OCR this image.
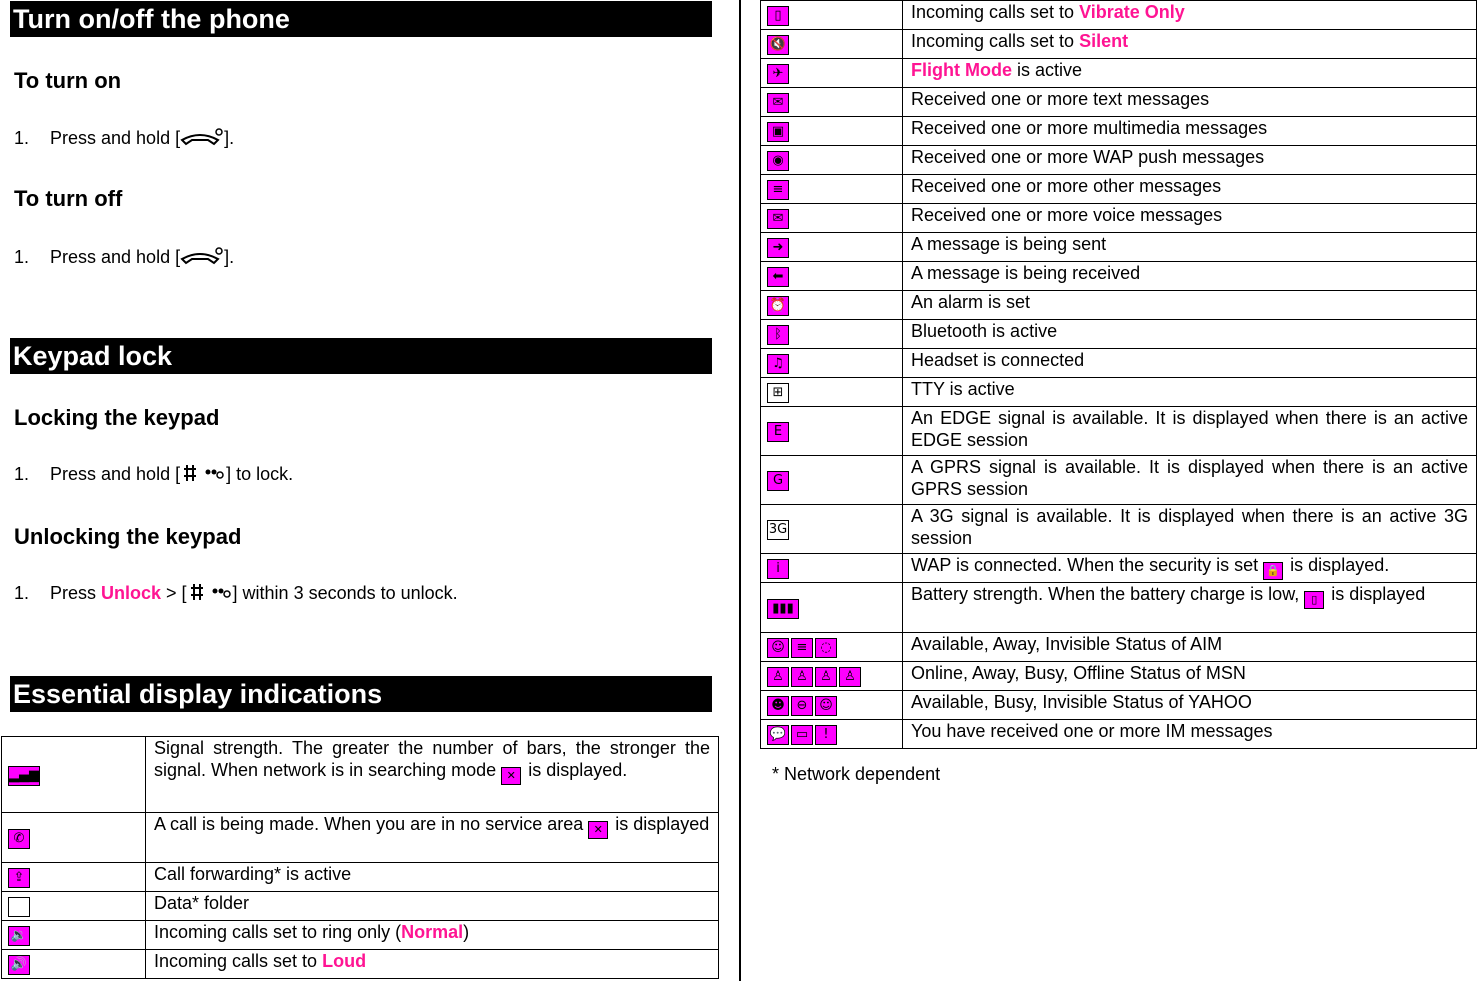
Turn on/off the phone
To turn on
1. Press and hold [ ].
To turn off
1. Press and hold [ ].
Keypad lock
Locking the keypad
1. Press and hold [	] to lock.
Unlocking the keypad
1. Press Unlock > [	] within 3 seconds to unlock.
Essential display indications
▂▄▆	Signal strength. The greater the number of bars, the stronger the signal. When network is in searching mode ✕ is displayed.
✆	A call is being made. When you are in no service area ✕ is displayed
⇪	Call forwarding* is active
	Data* folder
🔉	Incoming calls set to ring only (Normal)
🔊	Incoming calls set to Loud
▯	Incoming calls set to Vibrate Only
🔇	Incoming calls set to Silent
✈	Flight Mode is active
✉	Received one or more text messages
▣	Received one or more multimedia messages
◉	Received one or more WAP push messages
≡	Received one or more other messages
✉	Received one or more voice messages
➜	A message is being sent
⬅	A message is being received
⏰	An alarm is set
ᛒ	Bluetooth is active
♫	Headset is connected
⊞	TTY is active
E	An EDGE signal is available. It is displayed when there is an active EDGE session
G	A GPRS signal is available. It is displayed when there is an active GPRS session
3G	A 3G signal is available. It is displayed when there is an active 3G session
i	WAP is connected. When the security is set 🔒 is displayed.
▮▮▮	Battery strength. When the battery charge is low, ▯ is displayed
☺ ≡ ◌	Available, Away, Invisible Status of AIM
♙ ♙ ♙ ♙	Online, Away, Busy, Offline Status of MSN
☻ ⊖ ☺	Available, Busy, Invisible Status of YAHOO
💬 ▭ !	You have received one or more IM messages
* Network dependent
